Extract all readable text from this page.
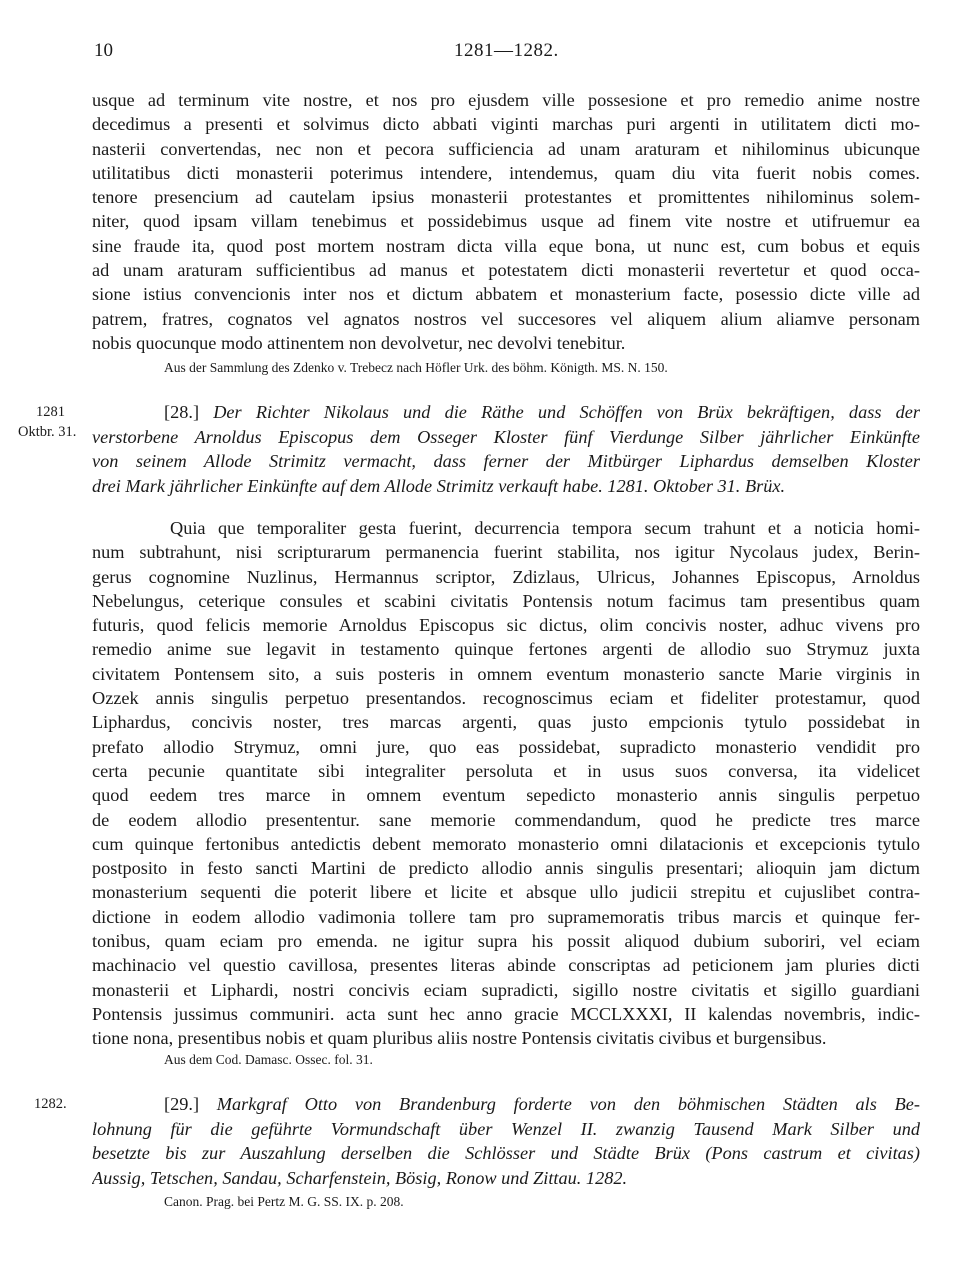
10	1281—1282.
usque ad terminum vite nostre, et nos pro ejusdem ville possesione et pro remedio anime nostre
decedimus a presenti et solvimus dicto abbati viginti marchas puri argenti in utilitatem dicti mo-
nasterii convertendas, nec non et pecora sufficiencia ad unam araturam et nihilominus ubicunque
utilitatibus dicti monasterii poterimus intendere, intendemus, quam diu vita fuerit nobis comes.
tenore presencium ad cautelam ipsius monasterii protestantes et promittentes nihilominus solem-
niter, quod ipsam villam tenebimus et possidebimus usque ad finem vite nostre et utifruemur ea
sine fraude ita, quod post mortem nostram dicta villa eque bona, ut nunc est, cum bobus et equis
ad unam araturam sufficientibus ad manus et potestatem dicti monasterii revertetur et quod occa-
sione istius convencionis inter nos et dictum abbatem et monasterium facte, posessio dicte ville ad
patrem, fratres, cognatos vel agnatos nostros vel succesores vel aliquem alium aliamve personam
nobis quocunque modo attinentem non devolvetur, nec devolvi tenebitur.
Aus der Sammlung des Zdenko v. Trebecz nach Höfler Urk. des böhm. Königth. MS. N. 150.
1281
Oktbr. 31.
[28.] Der Richter Nikolaus und die Räthe und Schöffen von Brüx bekräftigen, dass der
verstorbene Arnoldus Episcopus dem Osseger Kloster fünf Vierdunge Silber jährlicher Einkünfte
von seinem Allode Strimitz vermacht, dass ferner der Mitbürger Liphardus demselben Kloster
drei Mark jährlicher Einkünfte auf dem Allode Strimitz verkauft habe. 1281. Oktober 31. Brüx.
Quia que temporaliter gesta fuerint, decurrencia tempora secum trahunt et a noticia homi-
num subtrahunt, nisi scripturarum permanencia fuerint stabilita, nos igitur Nycolaus judex, Berin-
gerus cognomine Nuzlinus, Hermannus scriptor, Zdizlaus, Ulricus, Johannes Episcopus, Arnoldus
Nebelungus, ceterique consules et scabini civitatis Pontensis notum facimus tam presentibus quam
futuris, quod felicis memorie Arnoldus Episcopus sic dictus, olim concivis noster, adhuc vivens pro
remedio anime sue legavit in testamento quinque fertones argenti de allodio suo Strymuz juxta
civitatem Pontensem sito, a suis posteris in omnem eventum monasterio sancte Marie virginis in
Ozzek annis singulis perpetuo presentandos. recognoscimus eciam et fideliter protestamur, quod
Liphardus, concivis noster, tres marcas argenti, quas justo empcionis tytulo possidebat in
prefato allodio Strymuz, omni jure, quo eas possidebat, supradicto monasterio vendidit pro
certa pecunie quantitate sibi integraliter persoluta et in usus suos conversa, ita videlicet
quod eedem tres marce in omnem eventum sepedicto monasterio annis singulis perpetuo
de eodem allodio presententur. sane memorie commendandum, quod he predicte tres marce
cum quinque fertonibus antedictis debent memorato monasterio omni dilatacionis et excepcionis tytulo
postposito in festo sancti Martini de predicto allodio annis singulis presentari; alioquin jam dictum
monasterium sequenti die poterit libere et licite et absque ullo judicii strepitu et cujuslibet contra-
dictione in eodem allodio vadimonia tollere tam pro supramemoratis tribus marcis et quinque fer-
tonibus, quam eciam pro emenda. ne igitur supra his possit aliquod dubium suboriri, vel eciam
machinacio vel questio cavillosa, presentes literas abinde conscriptas ad peticionem jam pluries dicti
monasterii et Liphardi, nostri concivis eciam supradicti, sigillo nostre civitatis et sigillo guardiani
Pontensis jussimus communiri. acta sunt hec anno gracie MCCLXXXI, II kalendas novembris, indic-
tione nona, presentibus nobis et quam pluribus aliis nostre Pontensis civitatis civibus et burgensibus.
Aus dem Cod. Damasc. Ossec. fol. 31.
1282.	[29.] Markgraf Otto von Brandenburg forderte von den böhmischen Städten als Be-
lohnung für die geführte Vormundschaft über Wenzel II. zwanzig Tausend Mark Silber und
besetzte bis zur Auszahlung derselben die Schlösser und Städte Brüx (Pons castrum et civitas)
Aussig, Tetschen, Sandau, Scharfenstein, Bösig, Ronow und Zittau. 1282.
Canon. Prag. bei Pertz M. G. SS. IX. p. 208.
